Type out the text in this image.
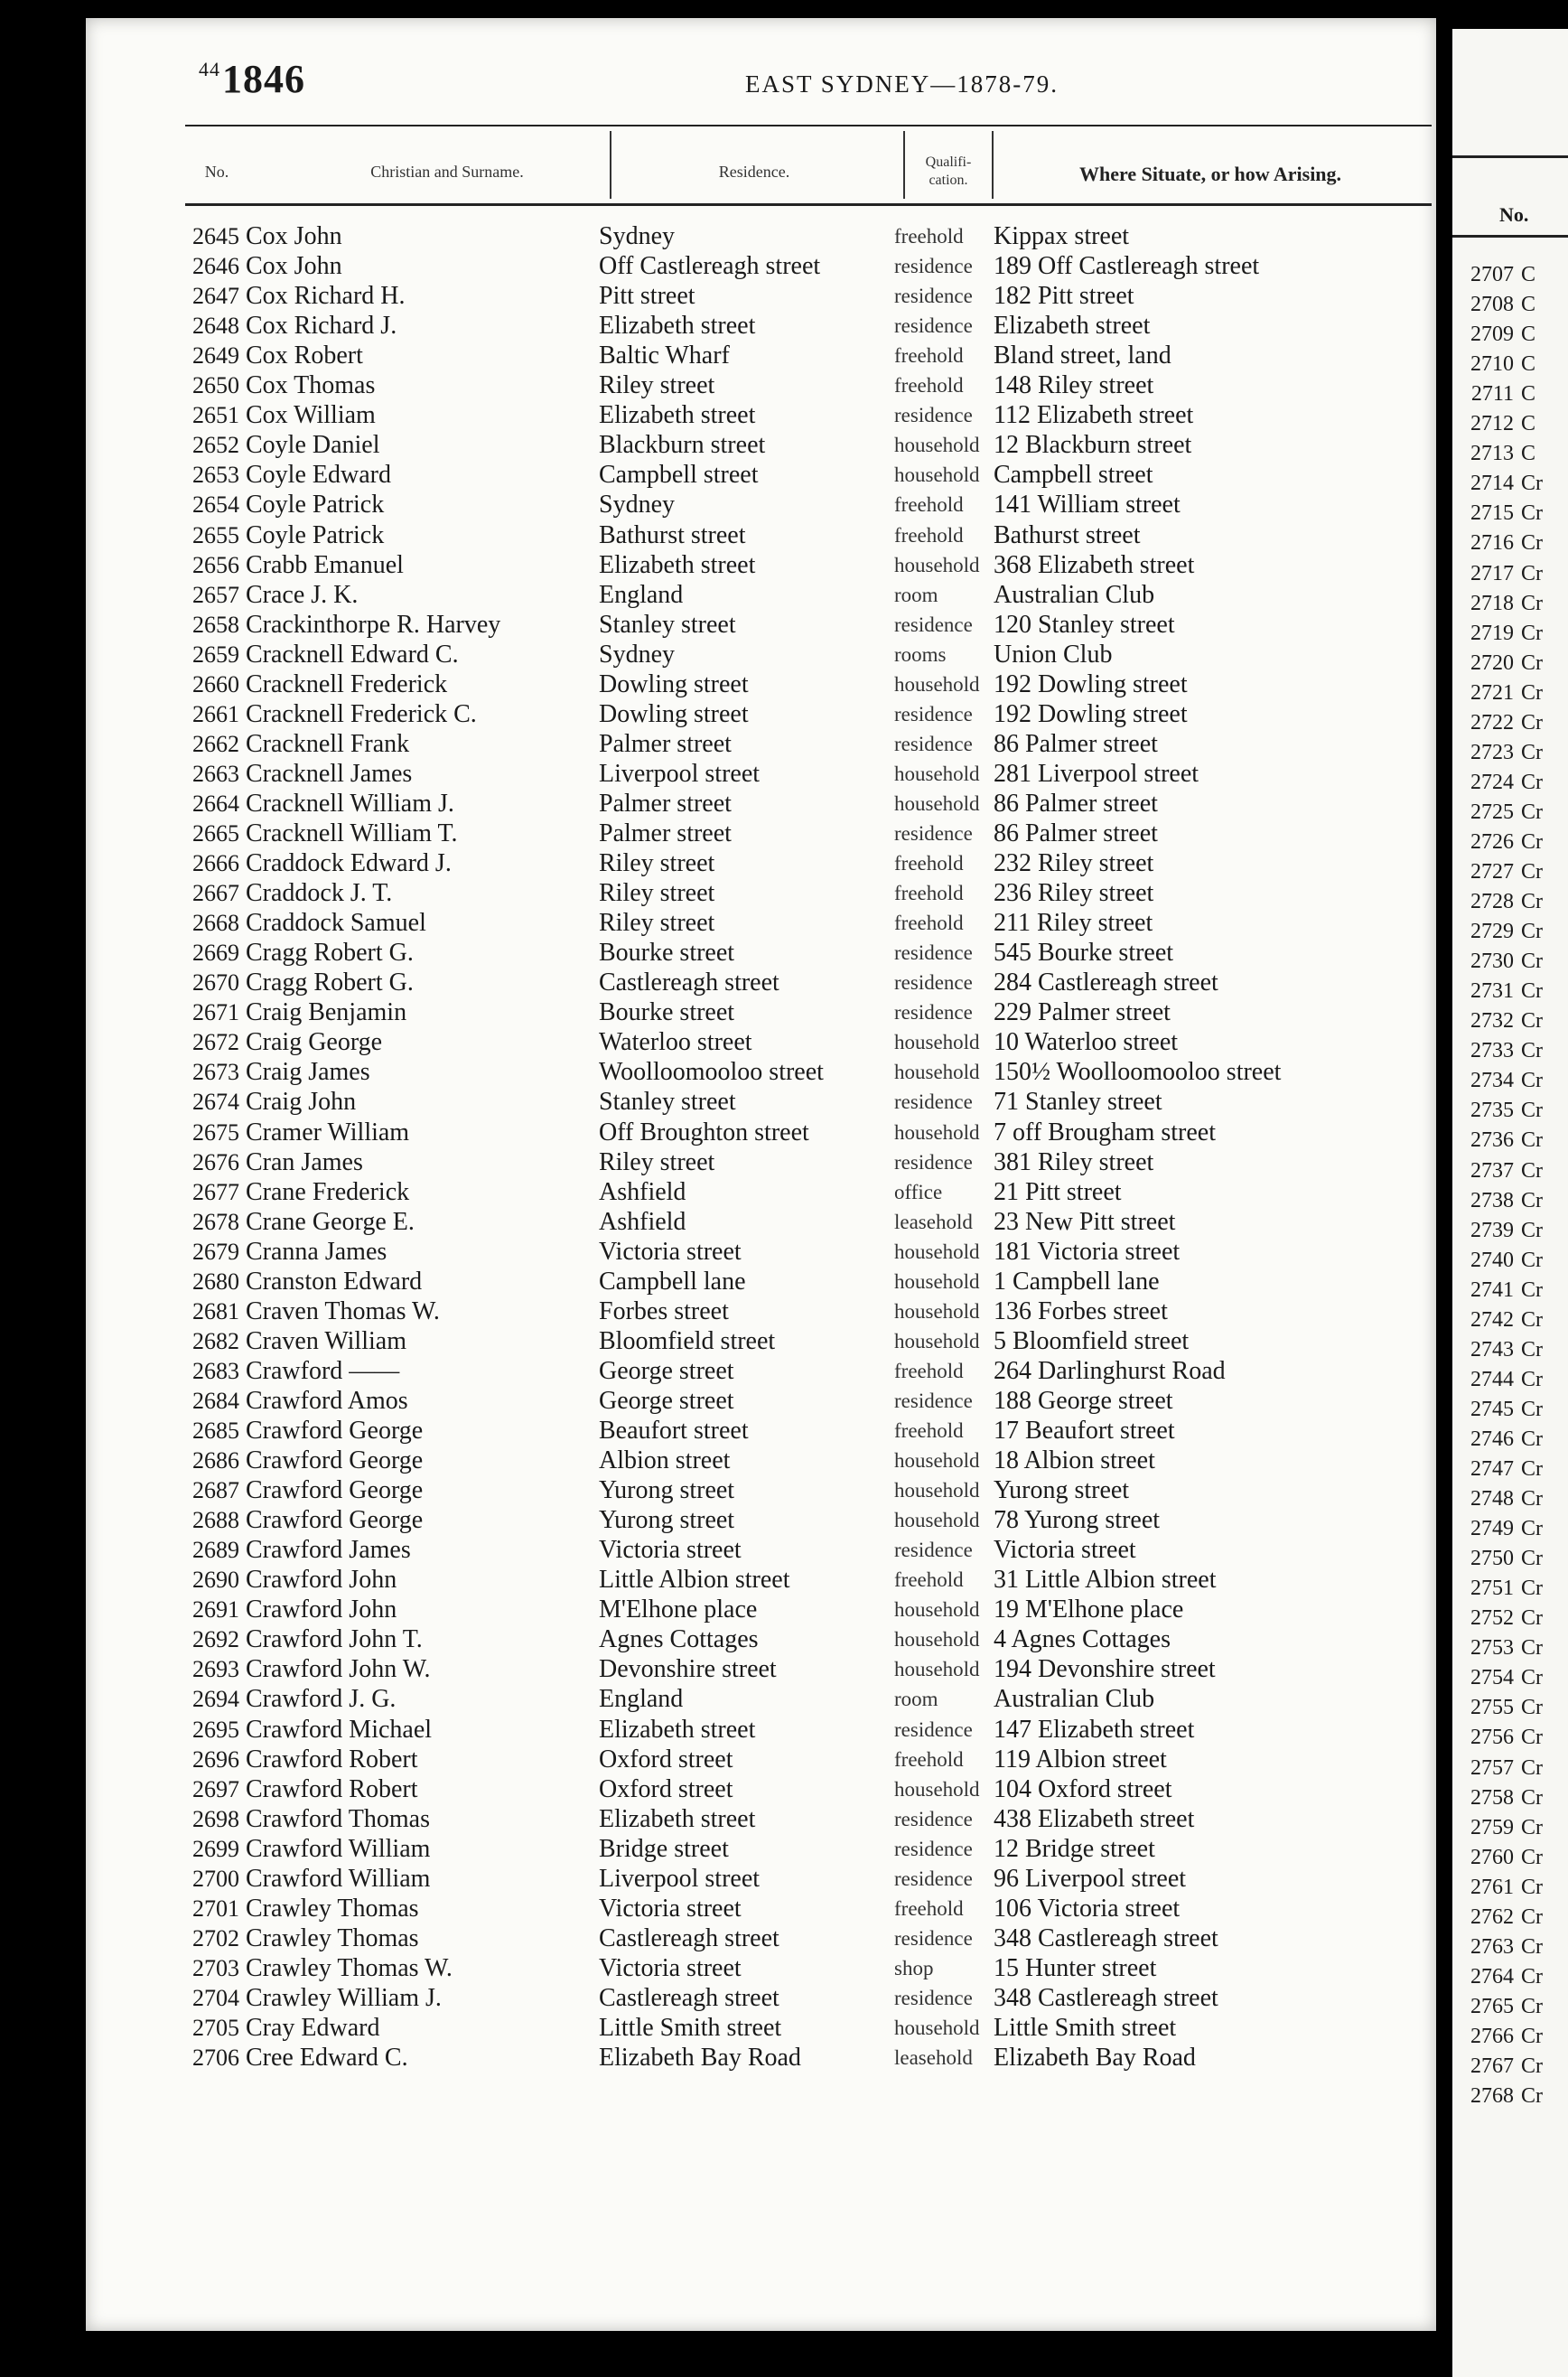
$^{44}$1846	EAST SYDNEY—1878-79.
No.	Christian and Surname.	Residence.
Qualifi-cation.	Where Situate, or how Arising.
2645 Cox John	Sydney	freehold Kippax street
2646 Cox John	Off Castlereagh street	residence 189 Off Castlereagh street
2647 Cox Richard H.	Pitt street	residence 182 Pitt street
2648 Cox Richard J.	Elizabeth street	residence Elizabeth street
2649 Cox Robert	Baltic Wharf	freehold Bland street, land
2650 Cox Thomas	Riley street	freehold 148 Riley street
2651 Cox William	Elizabeth street	residence 112 Elizabeth street
2652 Coyle Daniel	Blackburn street	household 12 Blackburn street
2653 Coyle Edward	Campbell street	household Campbell street
2654 Coyle Patrick	Sydney	freehold 141 William street
2655 Coyle Patrick	Bathurst street	freehold Bathurst street
2656 Crabb Emanuel	Elizabeth street	household 368 Elizabeth street
2657 Crace J. K.	England	room Australian Club
2658 Crackinthorpe R. Harvey	Stanley street	residence 120 Stanley street
2659 Cracknell Edward C.	Sydney	rooms Union Club
2660 Cracknell Frederick	Dowling street	household 192 Dowling street
2661 Cracknell Frederick C.	Dowling street	residence 192 Dowling street
2662 Cracknell Frank	Palmer street	residence 86 Palmer street
2663 Cracknell James	Liverpool street	household 281 Liverpool street
2664 Cracknell William J.	Palmer street	household 86 Palmer street
2665 Cracknell William T.	Palmer street	residence 86 Palmer street
2666 Craddock Edward J.	Riley street	freehold 232 Riley street
2667 Craddock J. T.	Riley street	freehold 236 Riley street
2668 Craddock Samuel	Riley street	freehold 211 Riley street
2669 Cragg Robert G.	Bourke street	residence 545 Bourke street
2670 Cragg Robert G.	Castlereagh street	residence 284 Castlereagh street
2671 Craig Benjamin	Bourke street	residence 229 Palmer street
2672 Craig George	Waterloo street	household 10 Waterloo street
2673 Craig James	Woolloomooloo street	household 150½ Woolloomooloo street
2674 Craig John	Stanley street	residence 71 Stanley street
2675 Cramer William	Off Broughton street	household 7 off Brougham street
2676 Cran James	Riley street	residence 381 Riley street
2677 Crane Frederick	Ashfield	office 21 Pitt street
2678 Crane George E.	Ashfield	leasehold 23 New Pitt street
2679 Cranna James	Victoria street	household 181 Victoria street
2680 Cranston Edward	Campbell lane	household 1 Campbell lane
2681 Craven Thomas W.	Forbes street	household 136 Forbes street
2682 Craven William	Bloomfield street	household 5 Bloomfield street
2683 Crawford ——	George street	freehold 264 Darlinghurst Road
2684 Crawford Amos	George street	residence 188 George street
2685 Crawford George	Beaufort street	freehold 17 Beaufort street
2686 Crawford George	Albion street	household 18 Albion street
2687 Crawford George	Yurong street	household Yurong street
2688 Crawford George	Yurong street	household 78 Yurong street
2689 Crawford James	Victoria street	residence Victoria street
2690 Crawford John	Little Albion street	freehold 31 Little Albion street
2691 Crawford John	M'Elhone place	household 19 M'Elhone place
2692 Crawford John T.	Agnes Cottages	household 4 Agnes Cottages
2693 Crawford John W.	Devonshire street	household 194 Devonshire street
2694 Crawford J. G.	England	room Australian Club
2695 Crawford Michael	Elizabeth street	residence 147 Elizabeth street
2696 Crawford Robert	Oxford street	freehold 119 Albion street
2697 Crawford Robert	Oxford street	household 104 Oxford street
2698 Crawford Thomas	Elizabeth street	residence 438 Elizabeth street
2699 Crawford William	Bridge street	residence 12 Bridge street
2700 Crawford William	Liverpool street	residence 96 Liverpool street
2701 Crawley Thomas	Victoria street	freehold 106 Victoria street
2702 Crawley Thomas	Castlereagh street	residence 348 Castlereagh street
2703 Crawley Thomas W.	Victoria street	shop 15 Hunter street
2704 Crawley William J.	Castlereagh street	residence 348 Castlereagh street
2705 Cray Edward	Little Smith street	household Little Smith street
2706 Cree Edward C.	Elizabeth Bay Road	leasehold Elizabeth Bay Road
No.
2707 C
2708 C
2709 C
2710 C
2711 C
2712 C
2713 C
2714 Cr
2715 Cr
2716 Cr
2717 Cr
2718 Cr
2719 Cr
2720 Cr
2721 Cr
2722 Cr
2723 Cr
2724 Cr
2725 Cr
2726 Cr
2727 Cr
2728 Cr
2729 Cr
2730 Cr
2731 Cr
2732 Cr
2733 Cr
2734 Cr
2735 Cr
2736 Cr
2737 Cr
2738 Cr
2739 Cr
2740 Cr
2741 Cr
2742 Cr
2743 Cr
2744 Cr
2745 Cr
2746 Cr
2747 Cr
2748 Cr
2749 Cr
2750 Cr
2751 Cr
2752 Cr
2753 Cr
2754 Cr
2755 Cr
2756 Cr
2757 Cr
2758 Cr
2759 Cr
2760 Cr
2761 Cr
2762 Cr
2763 Cr
2764 Cr
2765 Cr
2766 Cr
2767 Cr
2768 Cr
